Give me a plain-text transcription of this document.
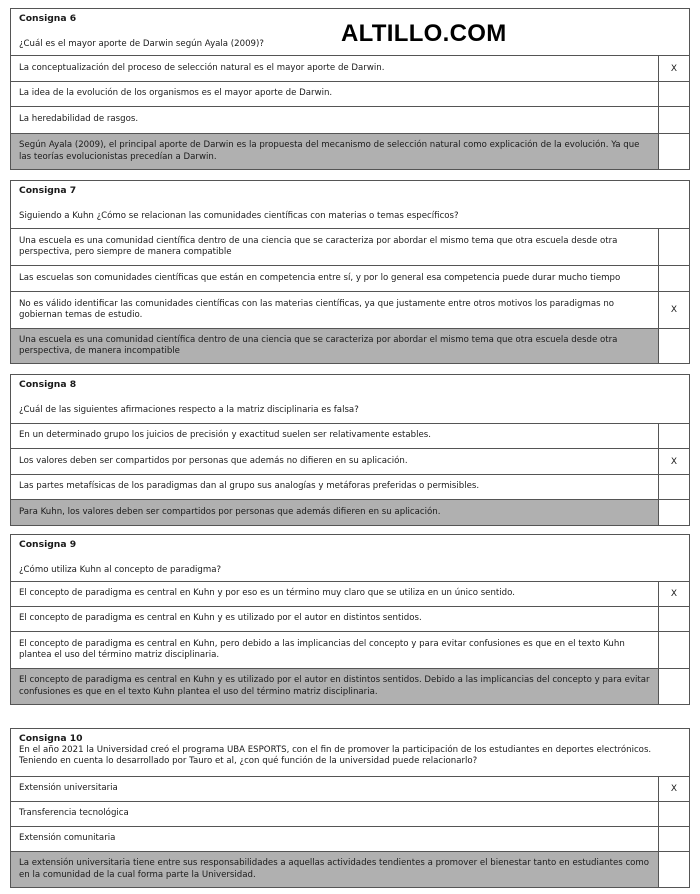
ALTILLO.COM
Consigna 6
¿Cuál es el mayor aporte de Darwin según Ayala (2009)?
La conceptualización del proceso de selección natural es el mayor aporte de Darwin.	X
La idea de la evolución de los organismos es el mayor aporte de Darwin.
La heredabilidad de rasgos.
Según Ayala (2009), el principal aporte de Darwin es la propuesta del mecanismo de selección natural como explicación de la evolución. Ya que las teorías evolucionistas precedían a Darwin.
Consigna 7
Siguiendo a Kuhn ¿Cómo se relacionan las comunidades científicas con materias o temas específicos?
Una escuela es una comunidad científica dentro de una ciencia que se caracteriza por abordar el mismo tema que otra escuela desde otra perspectiva, pero siempre de manera compatible
Las escuelas son comunidades científicas que están en competencia entre sí, y por lo general esa competencia puede durar mucho tiempo
No es válido identificar las comunidades científicas con las materias científicas, ya que justamente entre otros motivos los paradigmas no gobiernan temas de estudio.	X
Una escuela es una comunidad científica dentro de una ciencia que se caracteriza por abordar el mismo tema que otra escuela desde otra perspectiva, de manera incompatible
Consigna 8
¿Cuál de las siguientes afirmaciones respecto a la matriz disciplinaria es falsa?
En un determinado grupo los juicios de precisión y exactitud suelen ser relativamente estables.
Los valores deben ser compartidos por personas que además no difieren en su aplicación.	X
Las partes metafísicas de los paradigmas dan al grupo sus analogías y metáforas preferidas o permisibles.
Para Kuhn, los valores deben ser compartidos por personas que además difieren en su aplicación.
Consigna 9
¿Cómo utiliza Kuhn al concepto de paradigma?
El concepto de paradigma es central en Kuhn y por eso es un término muy claro que se utiliza en un único sentido.	X
El concepto de paradigma es central en Kuhn y es utilizado por el autor en distintos sentidos.
El concepto de paradigma es central en Kuhn, pero debido a las implicancias del concepto y para evitar confusiones es que en el texto Kuhn plantea el uso del término matriz disciplinaria.
El concepto de paradigma es central en Kuhn y es utilizado por el autor en distintos sentidos. Debido a las implicancias del concepto y para evitar confusiones es que en el texto Kuhn plantea el uso del término matriz disciplinaria.
Consigna 10
En el año 2021 la Universidad creó el programa UBA ESPORTS, con el fin de promover la participación de los estudiantes en deportes electrónicos. Teniendo en cuenta lo desarrollado por Tauro et al, ¿con qué función de la universidad puede relacionarlo?
Extensión universitaria	X
Transferencia tecnológica
Extensión comunitaria
La extensión universitaria tiene entre sus responsabilidades a aquellas actividades tendientes a promover el bienestar tanto en estudiantes como en la comunidad de la cual forma parte la Universidad.
